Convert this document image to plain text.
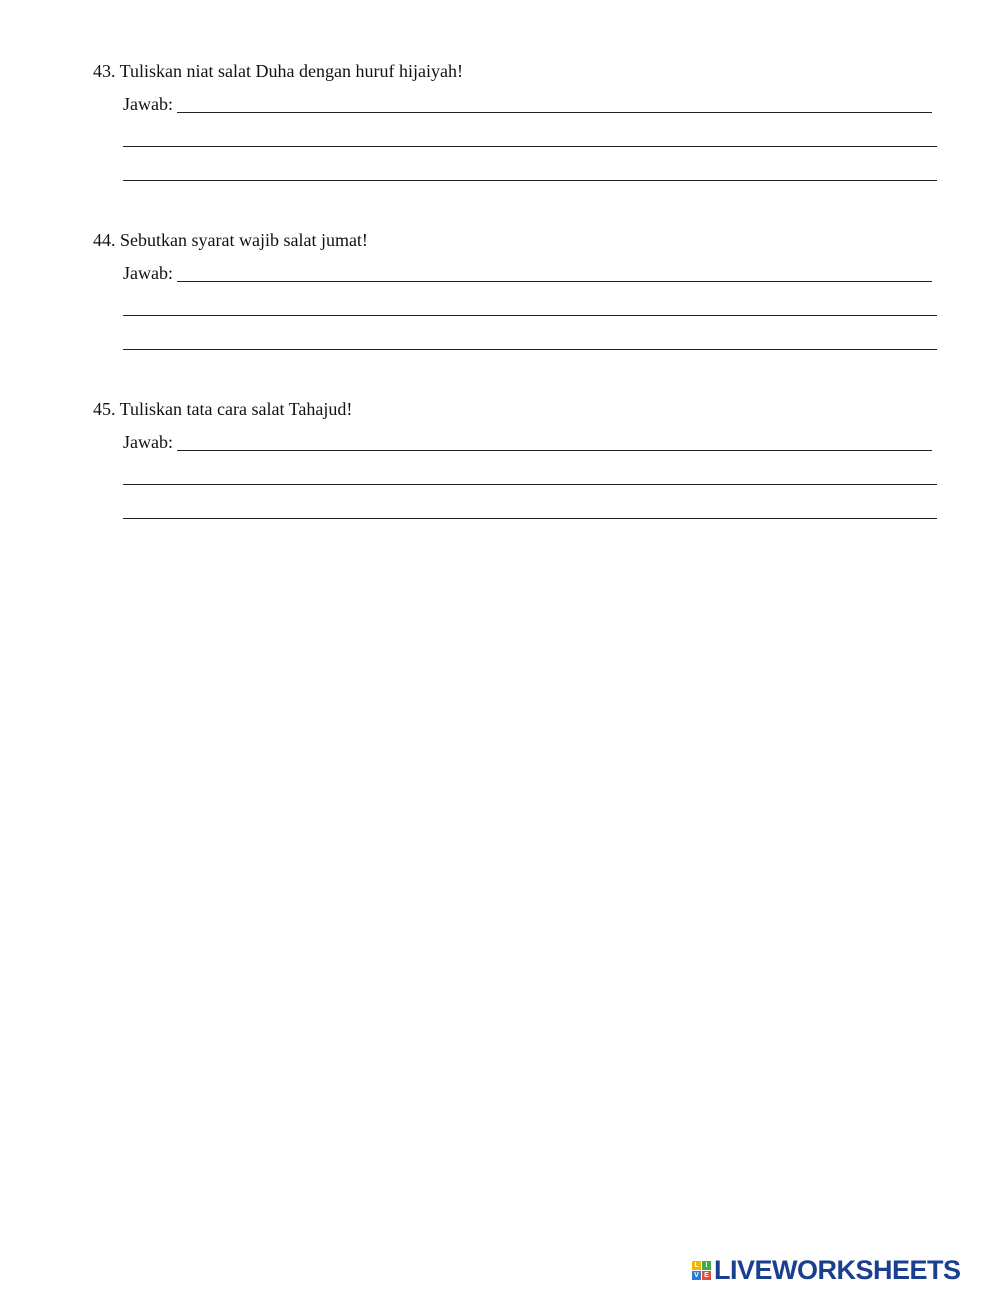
43. Tuliskan niat salat Duha dengan huruf hijaiyah!
Jawab:
44. Sebutkan syarat wajib salat jumat!
Jawab:
45. Tuliskan tata cara salat Tahajud!
Jawab:
L I
V E LIVEWORKSHEETS
